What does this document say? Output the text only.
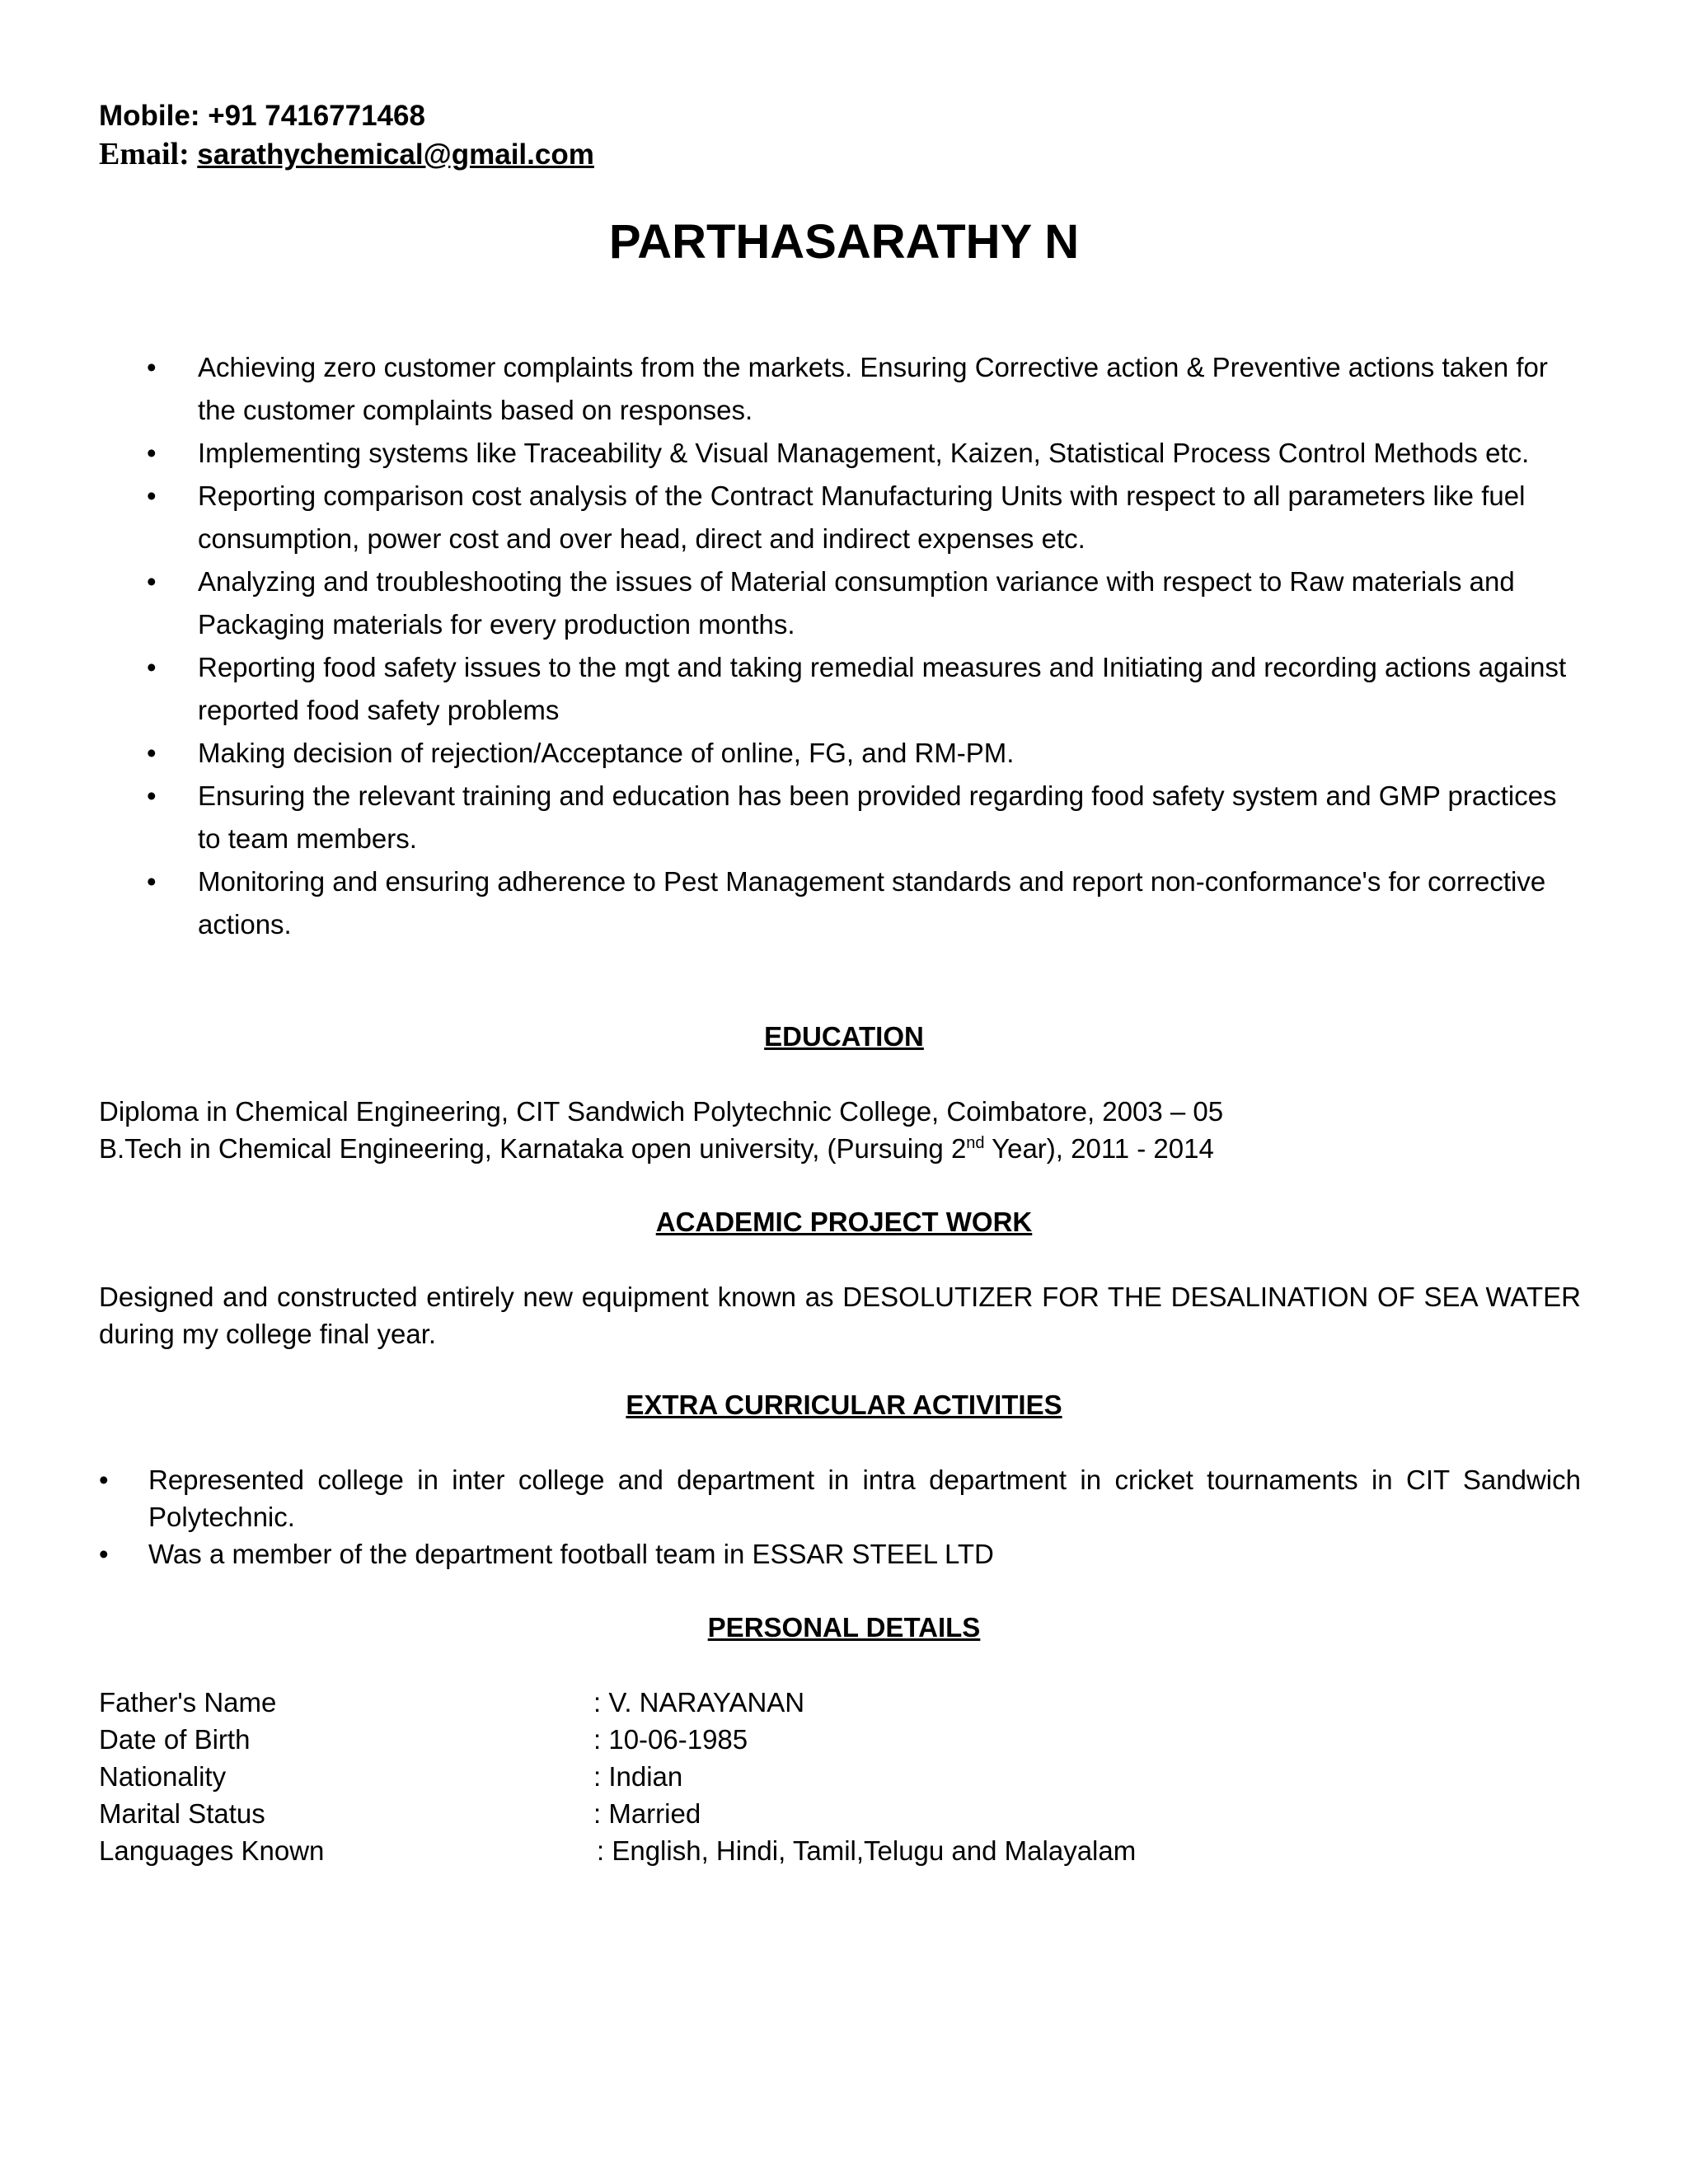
Mobile: +91 7416771468
Email: sarathychemical@gmail.com
PARTHASARATHY N
• Achieving zero customer complaints from the markets. Ensuring Corrective action & Preventive actions taken for the customer complaints based on responses.
• Implementing systems like Traceability & Visual Management, Kaizen, Statistical Process Control Methods etc.
• Reporting comparison cost analysis of the Contract Manufacturing Units with respect to all parameters like fuel consumption, power cost and over head, direct and indirect expenses etc.
• Analyzing and troubleshooting the issues of Material consumption variance with respect to Raw materials and Packaging materials for every production months.
• Reporting food safety issues to the mgt and taking remedial measures and Initiating and recording actions against reported food safety problems
• Making decision of rejection/Acceptance of online, FG, and RM-PM.
• Ensuring the relevant training and education has been provided regarding food safety system and GMP practices to team members.
• Monitoring and ensuring adherence to Pest Management standards and report non-conformance's for corrective actions.
EDUCATION
Diploma in Chemical Engineering, CIT Sandwich Polytechnic College, Coimbatore, 2003 – 05
B.Tech in Chemical Engineering, Karnataka open university, (Pursuing 2nd Year), 2011 - 2014
ACADEMIC PROJECT WORK
Designed and constructed entirely new equipment known as DESOLUTIZER FOR THE DESALINATION OF SEA WATER during my college final year.
EXTRA CURRICULAR ACTIVITIES
• Represented college in inter college and department in intra department in cricket tournaments in CIT Sandwich Polytechnic.
• Was a member of the department football team in ESSAR STEEL LTD
PERSONAL DETAILS
Father's Name	: V. NARAYANAN
Date of Birth	: 10-06-1985
Nationality	: Indian
Marital Status	: Married
Languages Known	: English, Hindi, Tamil,Telugu and Malayalam
